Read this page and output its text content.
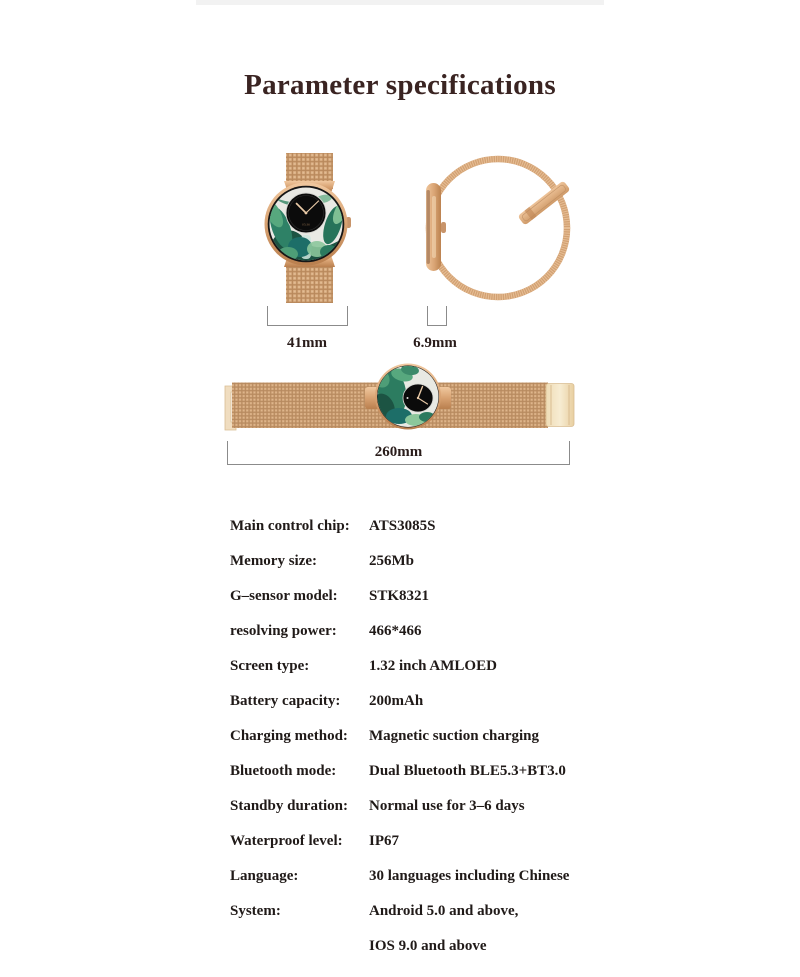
Parameter specifications
05:36
41mm	6.9mm
260mm
Main control chip:	ATS3085S
Memory size:	256Mb
G–sensor model:	STK8321
resolving power:	466*466
Screen type:	1.32 inch AMLOED
Battery capacity:	200mAh
Charging method:	Magnetic suction charging
Bluetooth mode:	Dual Bluetooth BLE5.3+BT3.0
Standby duration:	Normal use for 3–6 days
Waterproof level:	IP67
Language:	30 languages including Chinese
System:	Android 5.0 and above,
IOS 9.0 and above
